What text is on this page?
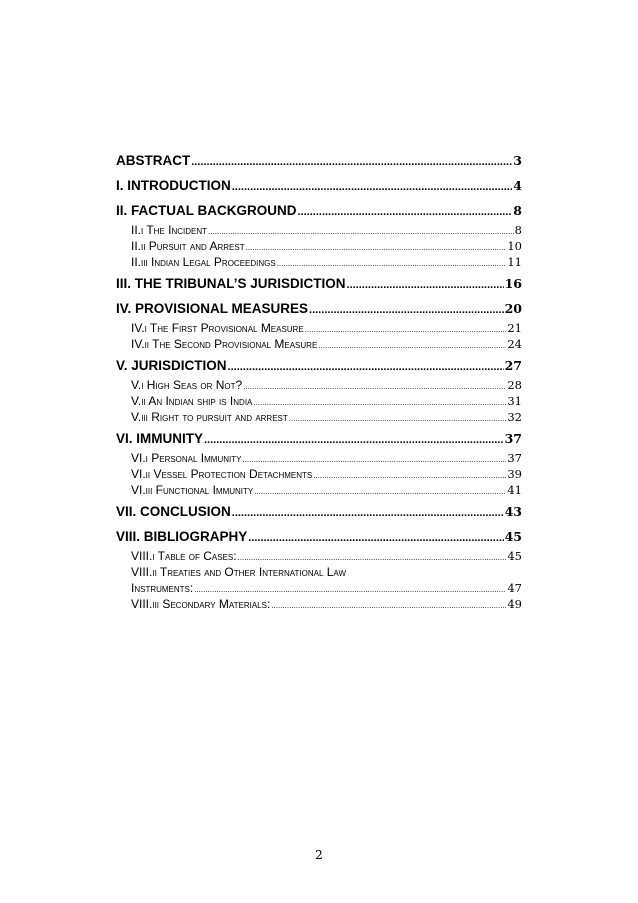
ABSTRACT .....	3
I. INTRODUCTION .....	4
II. FACTUAL BACKGROUND .....	8
II.i The Incident .....	8
II.ii Pursuit and Arrest .....	10
II.iii Indian Legal Proceedings .....	11
III. THE TRIBUNAL’S JURISDICTION .....	16
IV. PROVISIONAL MEASURES .....	20
IV.i The First Provisional Measure .....	21
IV.ii The Second Provisional Measure .....	24
V. JURISDICTION .....	27
V.i High Seas or Not? .....	28
V.ii An Indian ship is India .....	31
V.iii Right to pursuit and arrest .....	32
VI. IMMUNITY .....	37
VI.i Personal Immunity .....	37
VI.ii Vessel Protection Detachments .....	39
VI.iii Functional Immunity .....	41
VII. CONCLUSION .....	43
VIII. BIBLIOGRAPHY .....	45
VIII.i Table of Cases: .....	45
VIII.ii Treaties and Other International Law
Instruments: .....	47
VIII.iii Secondary Materials: .....	49
2
